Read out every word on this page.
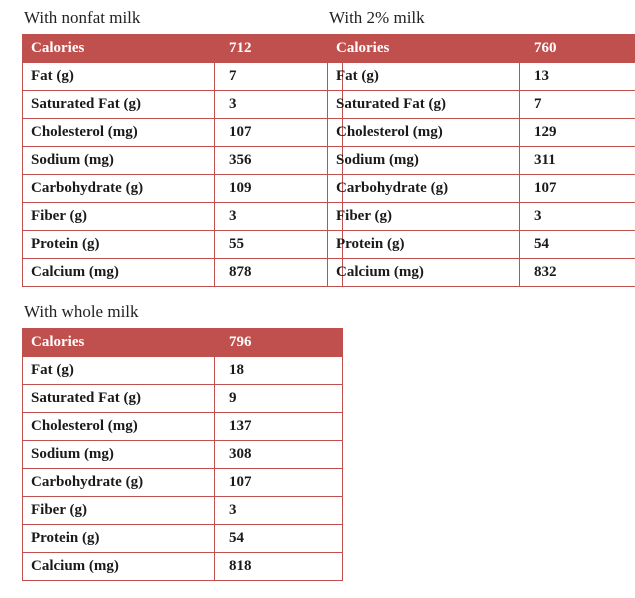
With nonfat milk
Calories	712
Fat (g)	7
Saturated Fat (g)	3
Cholesterol (mg)	107
Sodium (mg)	356
Carbohydrate (g)	109
Fiber (g)	3
Protein (g)	55
Calcium (mg)	878
With 2% milk
Calories	760
Fat (g)	13
Saturated Fat (g)	7
Cholesterol (mg)	129
Sodium (mg)	311
Carbohydrate (g)	107
Fiber (g)	3
Protein (g)	54
Calcium (mg)	832
With whole milk
Calories	796
Fat (g)	18
Saturated Fat (g)	9
Cholesterol (mg)	137
Sodium (mg)	308
Carbohydrate (g)	107
Fiber (g)	3
Protein (g)	54
Calcium (mg)	818
